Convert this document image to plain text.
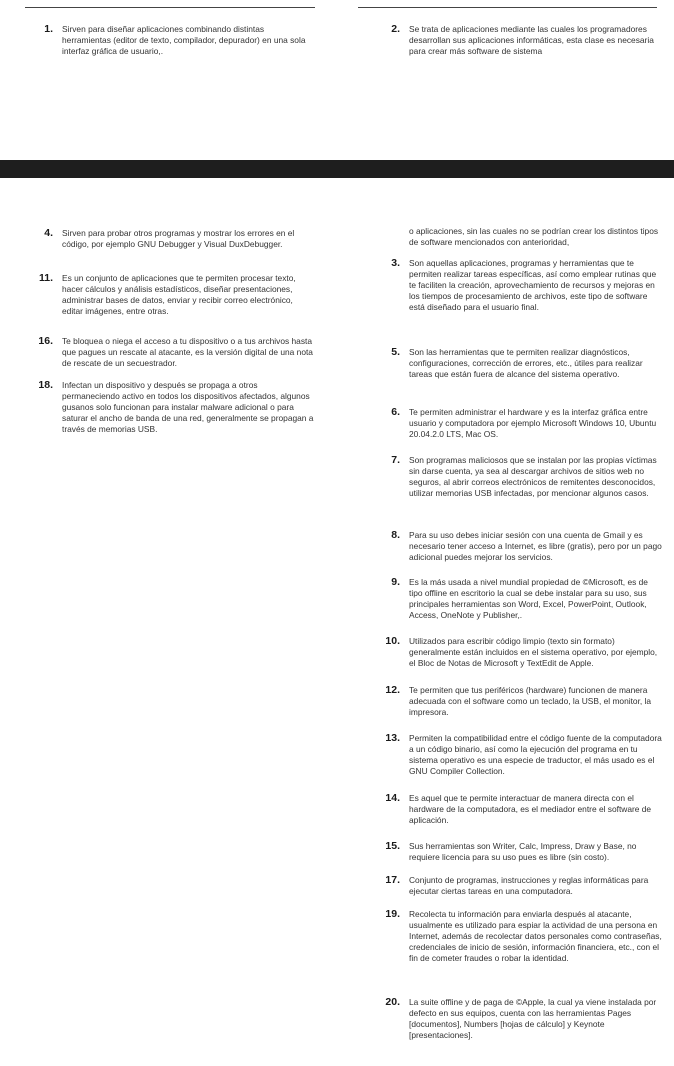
1.	Sirven para diseñar aplicaciones combinando distintas herramientas (editor de texto, compilador, depurador) en una sola interfaz gráfica de usuario,.
2.	Se trata de aplicaciones mediante las cuales los programadores desarrollan sus aplicaciones informáticas, esta clase es necesaria para crear más software de sistema
4.	Sirven para probar otros programas y mostrar los errores en el código, por ejemplo GNU Debugger y Visual DuxDebugger.
11.	Es un conjunto de aplicaciones que te permiten procesar texto, hacer cálculos y análisis estadísticos, diseñar presentaciones, administrar bases de datos, enviar y recibir correo electrónico, editar imágenes, entre otras.
16.	Te bloquea o niega el acceso a tu dispositivo o a tus archivos hasta que pagues un rescate al atacante, es la versión digital de una nota de rescate de un secuestrador.
18.	Infectan un dispositivo y después se propaga a otros permaneciendo activo en todos los dispositivos afectados, algunos gusanos solo funcionan para instalar malware adicional o para saturar el ancho de banda de una red, generalmente se propagan a través de memorias USB.
o aplicaciones, sin las cuales no se podrían crear los distintos tipos de software mencionados con anterioridad,
3.	Son aquellas aplicaciones, programas y herramientas que te permiten realizar tareas específicas, así como emplear rutinas que te faciliten la creación, aprovechamiento de recursos y mejoras en los tiempos de procesamiento de archivos, este tipo de software está diseñado para el usuario final.
5.	Son las herramientas que te permiten realizar diagnósticos, configuraciones, corrección de errores, etc., útiles para realizar tareas que están fuera de alcance del sistema operativo.
6.	Te permiten administrar el hardware y es la interfaz gráfica entre usuario y computadora por ejemplo Microsoft Windows 10, Ubuntu 20.04.2.0 LTS, Mac OS.
7.	Son programas maliciosos que se instalan por las propias víctimas sin darse cuenta, ya sea al descargar archivos de sitios web no seguros, al abrir correos electrónicos de remitentes desconocidos, utilizar memorias USB infectadas, por mencionar algunos casos.
8.	Para su uso debes iniciar sesión con una cuenta de Gmail y es necesario tener acceso a Internet, es libre (gratis), pero por un pago adicional puedes mejorar los servicios.
9.	Es la más usada a nivel mundial propiedad de ©Microsoft, es de tipo offline en escritorio la cual se debe instalar para su uso, sus principales herramientas son Word, Excel, PowerPoint, Outlook, Access, OneNote y Publisher,.
10.	Utilizados para escribir código limpio (texto sin formato) generalmente están incluidos en el sistema operativo, por ejemplo, el Bloc de Notas de Microsoft y TextEdit de Apple.
12.	Te permiten que tus periféricos (hardware) funcionen de manera adecuada con el software como un teclado, la USB, el monitor, la impresora.
13.	Permiten la compatibilidad entre el código fuente de la computadora a un código binario, así como la ejecución del programa en tu sistema operativo es una especie de traductor, el más usado es el GNU Compiler Collection.
14.	Es aquel que te permite interactuar de manera directa con el hardware de la computadora, es el mediador entre el software de aplicación.
15.	Sus herramientas son Writer, Calc, Impress, Draw y Base, no requiere licencia para su uso pues es libre (sin costo).
17.	Conjunto de programas, instrucciones y reglas informáticas para ejecutar ciertas tareas en una computadora.
19.	Recolecta tu información para enviarla después al atacante, usualmente es utilizado para espiar la actividad de una persona en Internet, además de recolectar datos personales como contraseñas, credenciales de inicio de sesión, información financiera, etc., con el fin de cometer fraudes o robar la identidad.
20.	La suite offline y de paga de ©Apple, la cual ya viene instalada por defecto en sus equipos, cuenta con las herramientas Pages [documentos], Numbers [hojas de cálculo] y Keynote [presentaciones].
